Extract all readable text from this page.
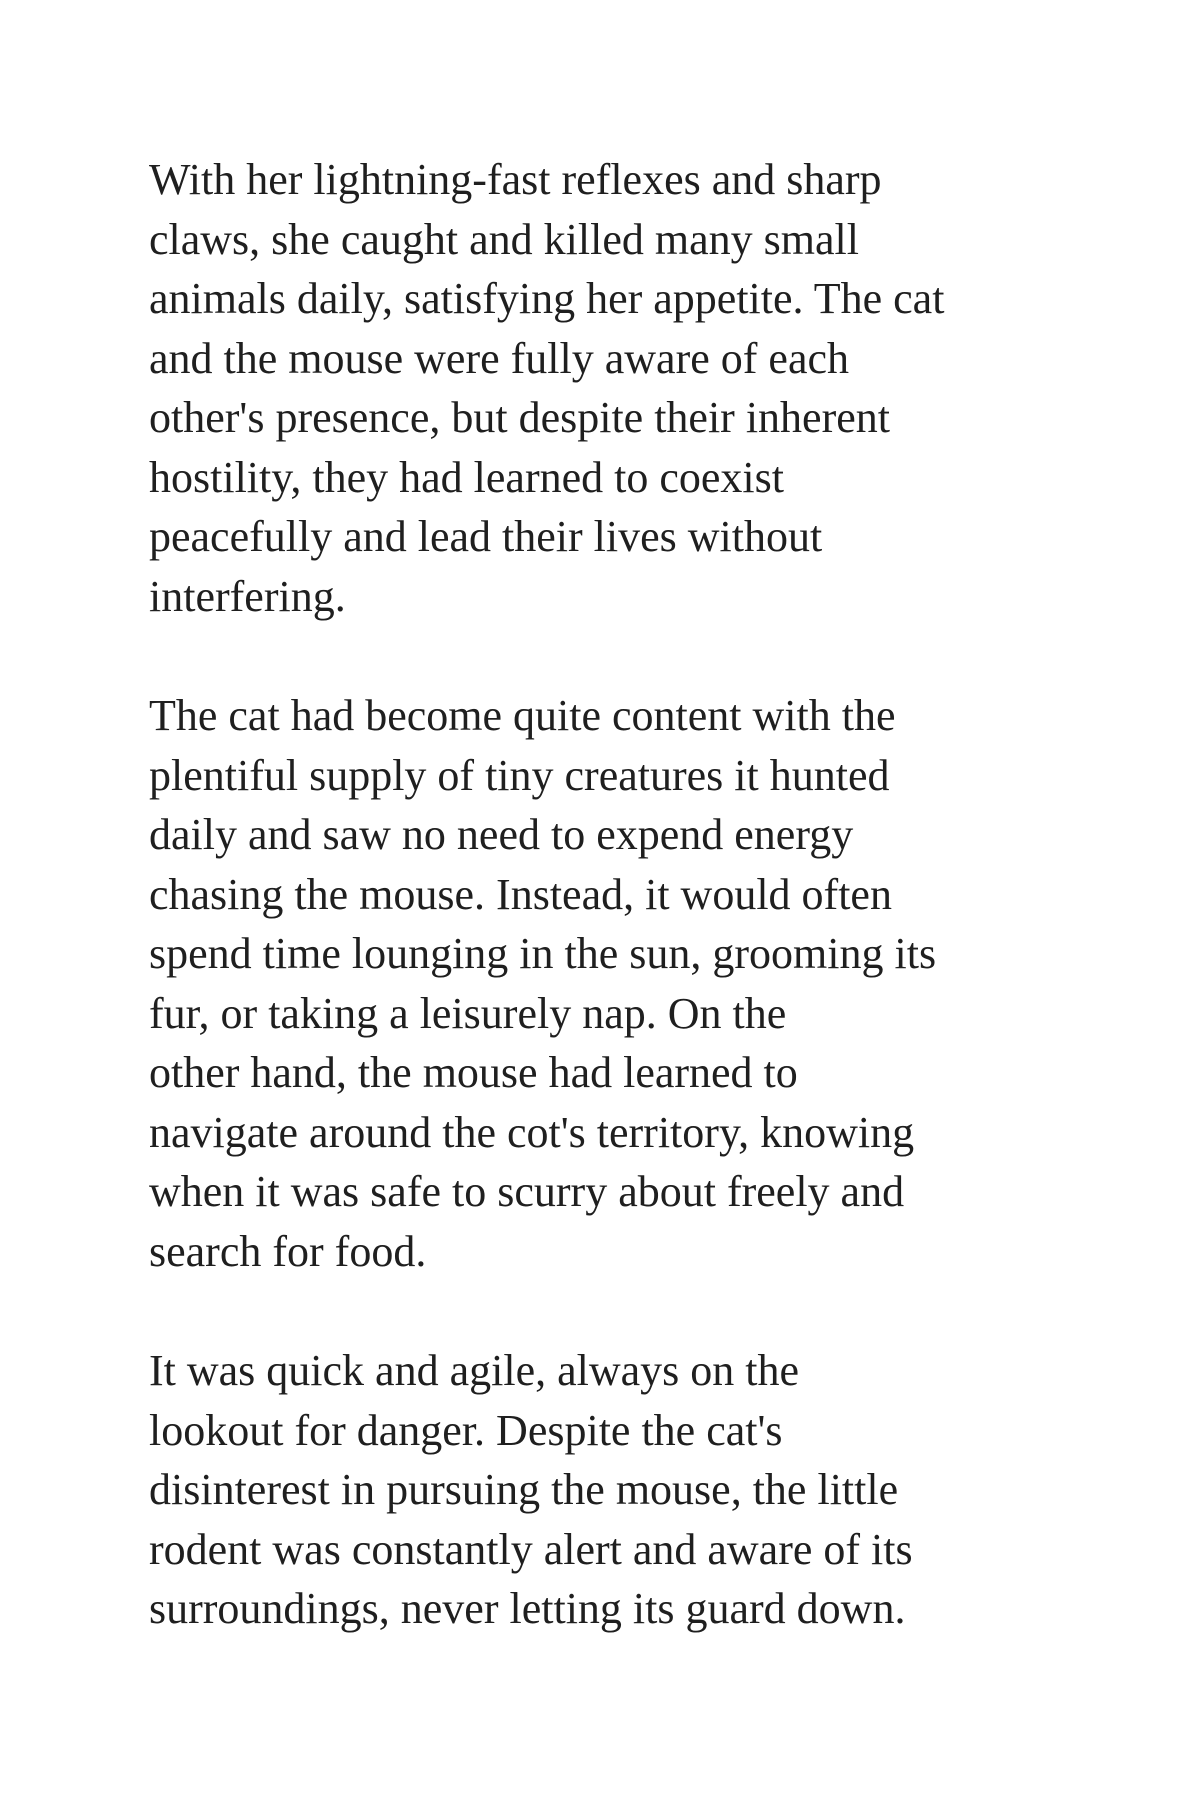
With her lightning-fast reflexes and sharp
claws, she caught and killed many small
animals daily, satisfying her appetite. The cat
and the mouse were fully aware of each
other's presence, but despite their inherent
hostility, they had learned to coexist
peacefully and lead their lives without
interfering.

The cat had become quite content with the
plentiful supply of tiny creatures it hunted
daily and saw no need to expend energy
chasing the mouse. Instead, it would often
spend time lounging in the sun, grooming its
fur, or taking a leisurely nap. On the
other hand, the mouse had learned to
navigate around the cot's territory, knowing
when it was safe to scurry about freely and
search for food.

It was quick and agile, always on the
lookout for danger. Despite the cat's
disinterest in pursuing the mouse, the little
rodent was constantly alert and aware of its
surroundings, never letting its guard down.
